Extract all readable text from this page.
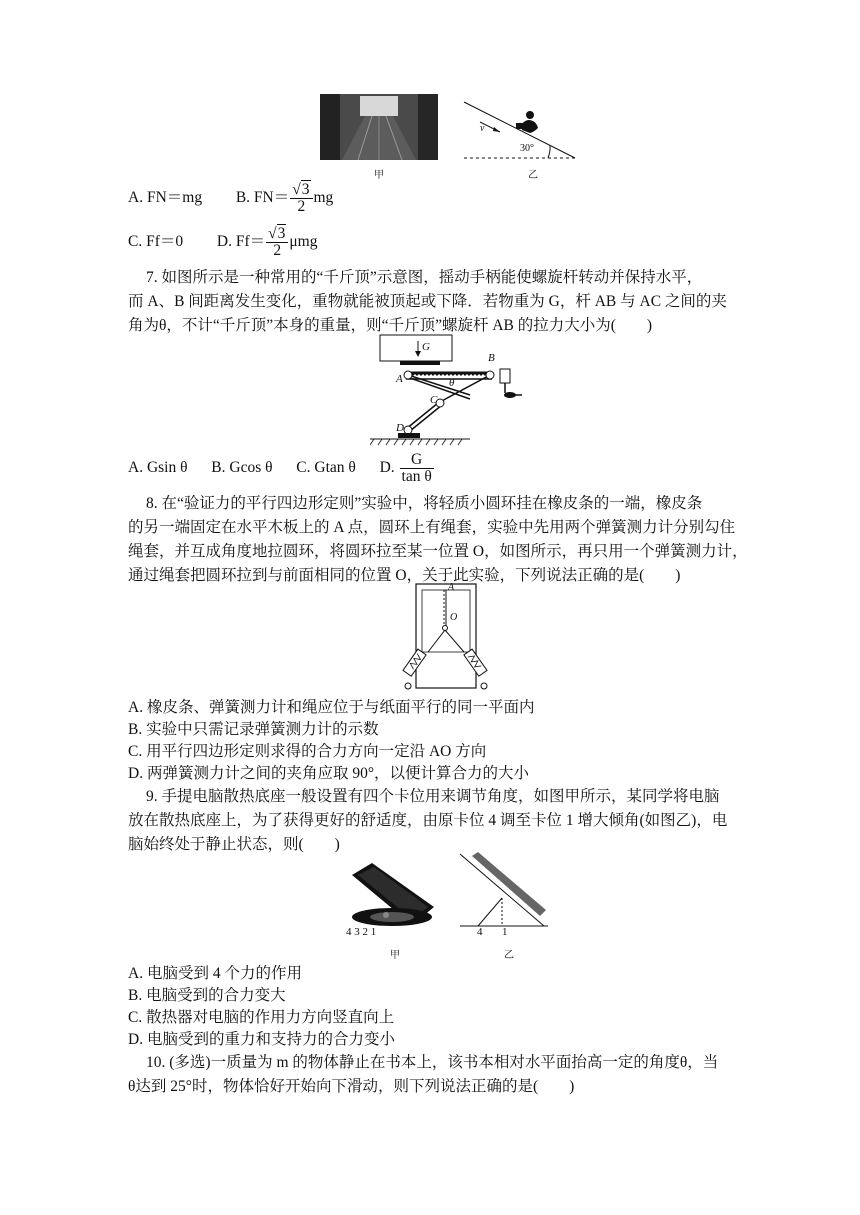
甲
v
30°
乙
A. FN＝mg B. $FN= \frac{√3}{2}$ mg
C. Ff＝0 D. $Ff= \frac{√3}{2}$ μmg
7. 如图所示是一种常用的“千斤顶”示意图，摇动手柄能使螺旋杆转动并保持水平，
而 A、B 间距离发生变化，重物就能被顶起或下降．若物重为 G，杆 AB 与 AC 之间的夹
角为θ，不计“千斤顶”本身的重量，则“千斤顶”螺旋杆 AB 的拉力大小为(　　)
G
B
A	θ
C
D
A. Gsin θ B. Gcos θ C. Gtan θ D. $\frac{G}{\text{tan θ}}$
8. 在“验证力的平行四边形定则”实验中，将轻质小圆环挂在橡皮条的一端，橡皮条
的另一端固定在水平木板上的 A 点，圆环上有绳套，实验中先用两个弹簧测力计分别勾住
绳套，并互成角度地拉圆环，将圆环拉至某一位置 O，如图所示，再只用一个弹簧测力计，
通过绳套把圆环拉到与前面相同的位置 O，关于此实验，下列说法正确的是(　　)
A
O
A. 橡皮条、弹簧测力计和绳应位于与纸面平行的同一平面内
B. 实验中只需记录弹簧测力计的示数
C. 用平行四边形定则求得的合力方向一定沿 AO 方向
D. 两弹簧测力计之间的夹角应取 90°，以便计算合力的大小
9. 手提电脑散热底座一般设置有四个卡位用来调节角度，如图甲所示，某同学将电脑
放在散热底座上，为了获得更好的舒适度，由原卡位 4 调至卡位 1 增大倾角(如图乙)，电
脑始终处于静止状态，则(　　)
4 3 2 1
甲
4 1
乙
A. 电脑受到 4 个力的作用
B. 电脑受到的合力变大
C. 散热器对电脑的作用力方向竖直向上
D. 电脑受到的重力和支持力的合力变小
10. (多选)一质量为 m 的物体静止在书本上，该书本相对水平面抬高一定的角度θ，当
θ达到 25°时，物体恰好开始向下滑动，则下列说法正确的是(　　)
